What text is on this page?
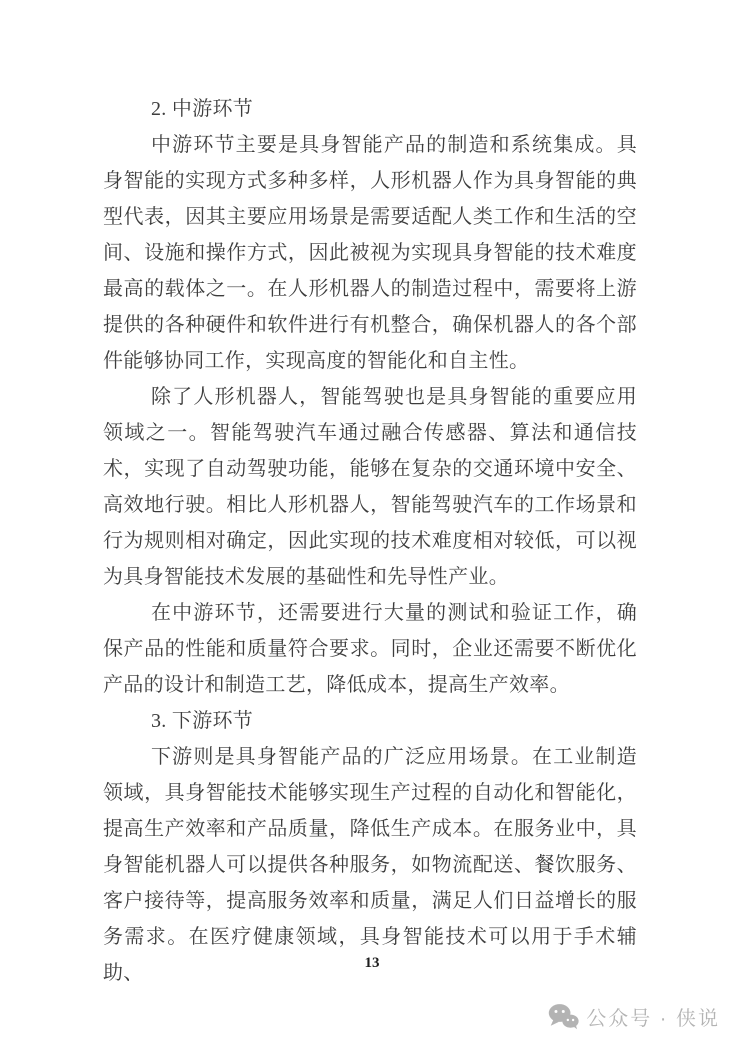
2. 中游环节

中游环节主要是具身智能产品的制造和系统集成。具身智能的实现方式多种多样，人形机器人作为具身智能的典型代表，因其主要应用场景是需要适配人类工作和生活的空间、设施和操作方式，因此被视为实现具身智能的技术难度最高的载体之一。在人形机器人的制造过程中，需要将上游提供的各种硬件和软件进行有机整合，确保机器人的各个部件能够协同工作，实现高度的智能化和自主性。

除了人形机器人，智能驾驶也是具身智能的重要应用领域之一。智能驾驶汽车通过融合传感器、算法和通信技术，实现了自动驾驶功能，能够在复杂的交通环境中安全、高效地行驶。相比人形机器人，智能驾驶汽车的工作场景和行为规则相对确定，因此实现的技术难度相对较低，可以视为具身智能技术发展的基础性和先导性产业。

在中游环节，还需要进行大量的测试和验证工作，确保产品的性能和质量符合要求。同时，企业还需要不断优化产品的设计和制造工艺，降低成本，提高生产效率。

3. 下游环节

下游则是具身智能产品的广泛应用场景。在工业制造领域，具身智能技术能够实现生产过程的自动化和智能化，提高生产效率和产品质量，降低生产成本。在服务业中，具身智能机器人可以提供各种服务，如物流配送、餐饮服务、客户接待等，提高服务效率和质量，满足人们日益增长的服务需求。在医疗健康领域，具身智能技术可以用于手术辅助、	13
公众号 · 侠说
